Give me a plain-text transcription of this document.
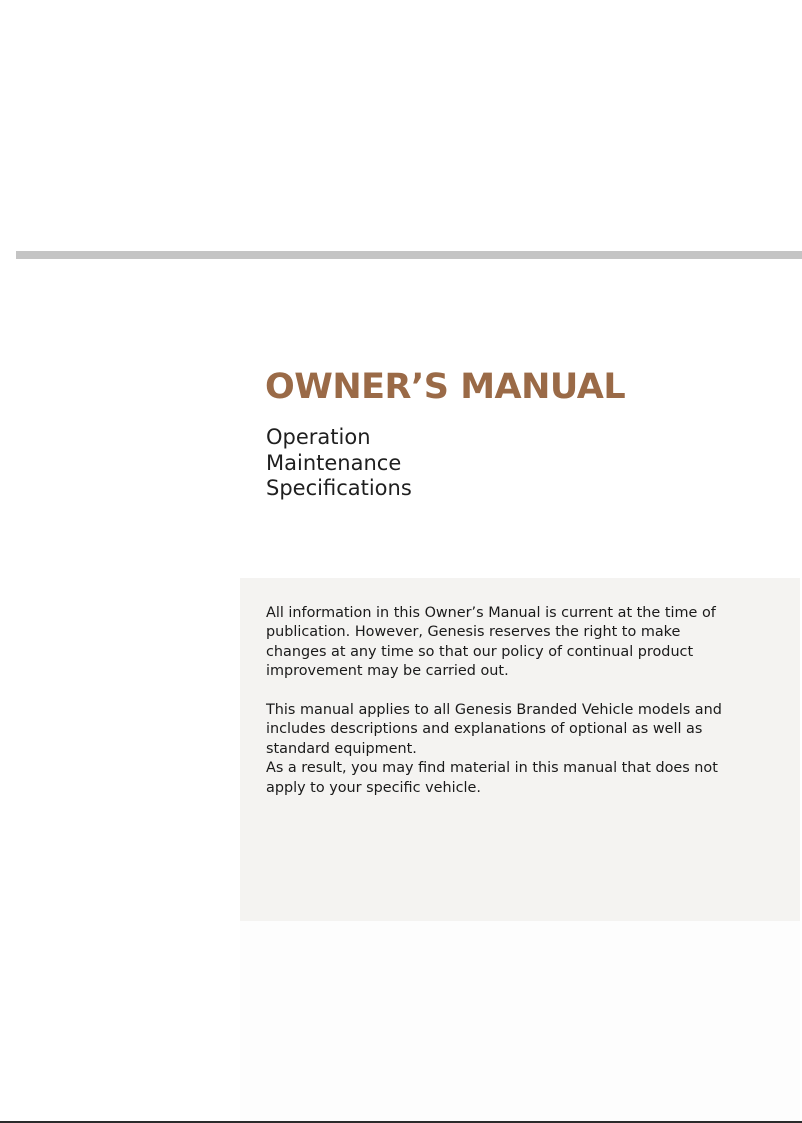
OWNER’S MANUAL
Operation
Maintenance
Specifications

All information in this Owner’s Manual is current at the time of publication. However, Genesis reserves the right to make changes at any time so that our policy of continual product improvement may be carried out.

This manual applies to all Genesis Branded Vehicle models and includes descriptions and explanations of optional as well as standard equipment.

As a result, you may find material in this manual that does not apply to your specific vehicle.
